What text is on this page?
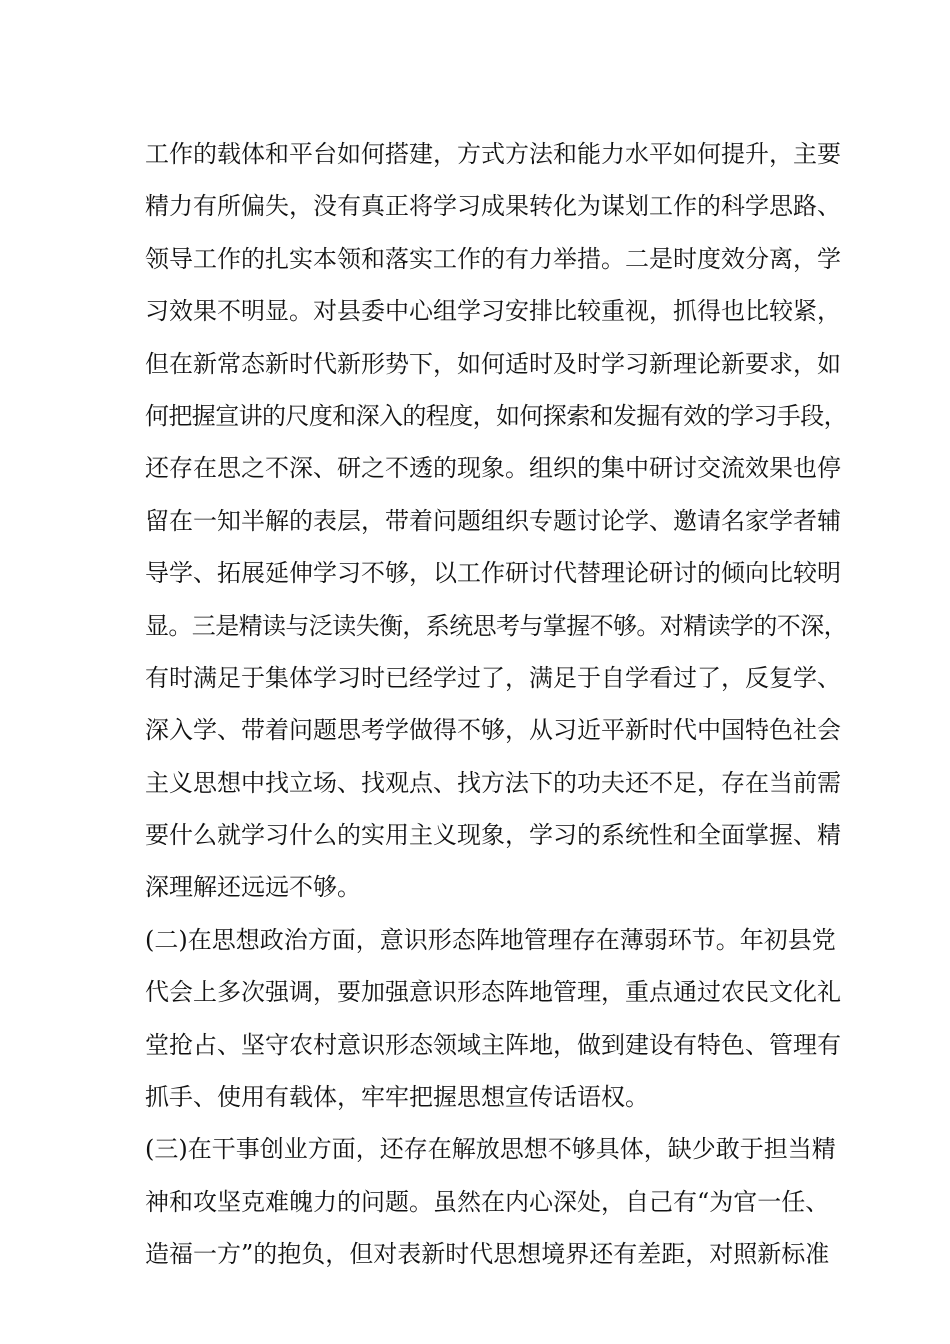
工作的载体和平台如何搭建，方式方法和能力水平如何提升，主要
精力有所偏失，没有真正将学习成果转化为谋划工作的科学思路、
领导工作的扎实本领和落实工作的有力举措。二是时度效分离，学
习效果不明显。对县委中心组学习安排比较重视，抓得也比较紧，
但在新常态新时代新形势下，如何适时及时学习新理论新要求，如
何把握宣讲的尺度和深入的程度，如何探索和发掘有效的学习手段，
还存在思之不深、研之不透的现象。组织的集中研讨交流效果也停
留在一知半解的表层，带着问题组织专题讨论学、邀请名家学者辅
导学、拓展延伸学习不够，以工作研讨代替理论研讨的倾向比较明
显。三是精读与泛读失衡，系统思考与掌握不够。对精读学的不深，
有时满足于集体学习时已经学过了，满足于自学看过了，反复学、
深入学、带着问题思考学做得不够，从习近平新时代中国特色社会
主义思想中找立场、找观点、找方法下的功夫还不足，存在当前需
要什么就学习什么的实用主义现象，学习的系统性和全面掌握、精
深理解还远远不够。
(二)在思想政治方面，意识形态阵地管理存在薄弱环节。年初县党
代会上多次强调，要加强意识形态阵地管理，重点通过农民文化礼
堂抢占、坚守农村意识形态领域主阵地，做到建设有特色、管理有
抓手、使用有载体，牢牢把握思想宣传话语权。
(三)在干事创业方面，还存在解放思想不够具体，缺少敢于担当精
神和攻坚克难魄力的问题。虽然在内心深处，自己有“为官一任、
造福一方”的抱负，但对表新时代思想境界还有差距，对照新标准
